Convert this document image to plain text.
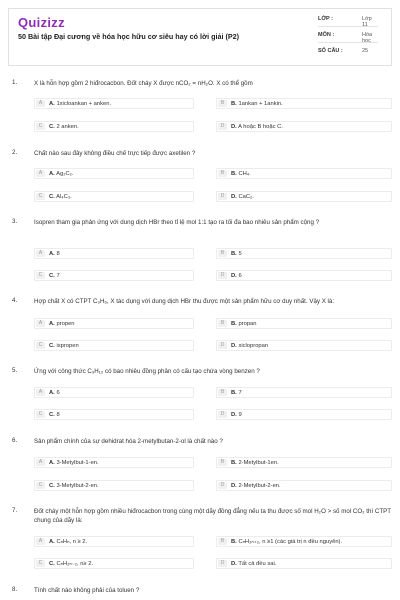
Quizizz
50 Bài tập Đại cương về hóa học hữu cơ siêu hay có lời giải (P2)
LỚP :	Lớp 11
MÔN :	Hóa học
SỐ CÂU :	25
1.	X là hỗn hợp gồm 2 hiđrocacbon. Đốt cháy X được nCO₂ = nH₂O. X có thể gồm
A	A. 1xicloankan + anken.	B	B. 1ankan + 1ankin.
C	C. 2 anken.	D	D. A hoặc B hoặc C.
2.	Chất nào sau đây không điều chế trực tiếp được axetilen ?
A	A. Ag₂C₂.	B	B. CH₄.
C	C. Al₄C₃.	D	D. CaC₂.
3.	Isopren tham gia phản ứng với dung dịch HBr theo tỉ lệ mol 1:1 tạo ra tối đa bao nhiêu sản phẩm cộng ?
A	A. 8	B	B. 5
C	C. 7	D	D. 6
4.	Hợp chất X có CTPT C₃H₆, X tác dụng với dung dịch HBr thu được một sản phẩm hữu cơ duy nhất. Vậy X là:
A	A. propen	B	B. propan
C	C. ispropen	D	D. xiclopropan
5.	Ứng với công thức C₉H₁₂ có bao nhiêu đồng phân có cấu tạo chứa vòng benzen ?
A	A. 6	B	B. 7
C	C. 8	D	D. 9
6.	Sản phẩm chính của sự dehidrat hóa 2-metylbutan-2-ol là chất nào ?
A	A. 3-Metylbut-1-en.	B	B. 2-Metylbut-1en.
C	C. 3-Metylbut-2-en.	D	D. 2-Metylbut-2-en.
7.	Đốt cháy một hỗn hợp gồm nhiều hiđrocacbon trong cùng một dãy đồng đẳng nếu ta thu được số mol H₂O > số mol CO₂ thì CTPT chung của dãy là:
A	A. CₙHₙ, n ≥ 2.	B	B. CₙH₂ₙ₊₂, n ≥1 (các giá trị n đều nguyên).
C	C. CₙH₂ₙ₋₂, n≥ 2.	D	D. Tất cả đều sai.
8.	Tính chất nào không phải của toluen ?
